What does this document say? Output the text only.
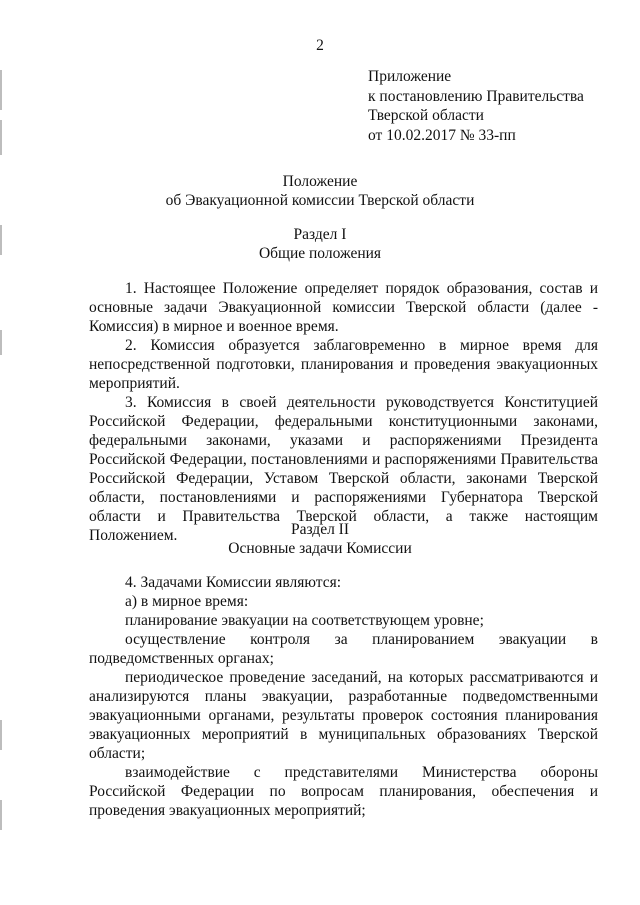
2
Приложение
к постановлению Правительства
Тверской области
от 10.02.2017 № 33-пп
Положение
об Эвакуационной комиссии Тверской области
Раздел I
Общие положения
1. Настоящее Положение определяет порядок образования, состав и основные задачи Эвакуационной комиссии Тверской области (далее - Комиссия) в мирное и военное время.
2. Комиссия образуется заблаговременно в мирное время для непосредственной подготовки, планирования и проведения эвакуационных мероприятий.
3. Комиссия в своей деятельности руководствуется Конституцией Российской Федерации, федеральными конституционными законами, федеральными законами, указами и распоряжениями Президента Российской Федерации, постановлениями и распоряжениями Правительства Российской Федерации, Уставом Тверской области, законами Тверской области, постановлениями и распоряжениями Губернатора Тверской области и Правительства Тверской области, а также настоящим Положением.	Раздел II
Основные задачи Комиссии
4. Задачами Комиссии являются:
а) в мирное время:
планирование эвакуации на соответствующем уровне;
осуществление контроля за планированием эвакуации в подведомственных органах;
периодическое проведение заседаний, на которых рассматриваются и анализируются планы эвакуации, разработанные подведомственными эвакуационными органами, результаты проверок состояния планирования эвакуационных мероприятий в муниципальных образованиях Тверской области;
взаимодействие с представителями Министерства обороны Российской Федерации по вопросам планирования, обеспечения и проведения эвакуационных мероприятий;
